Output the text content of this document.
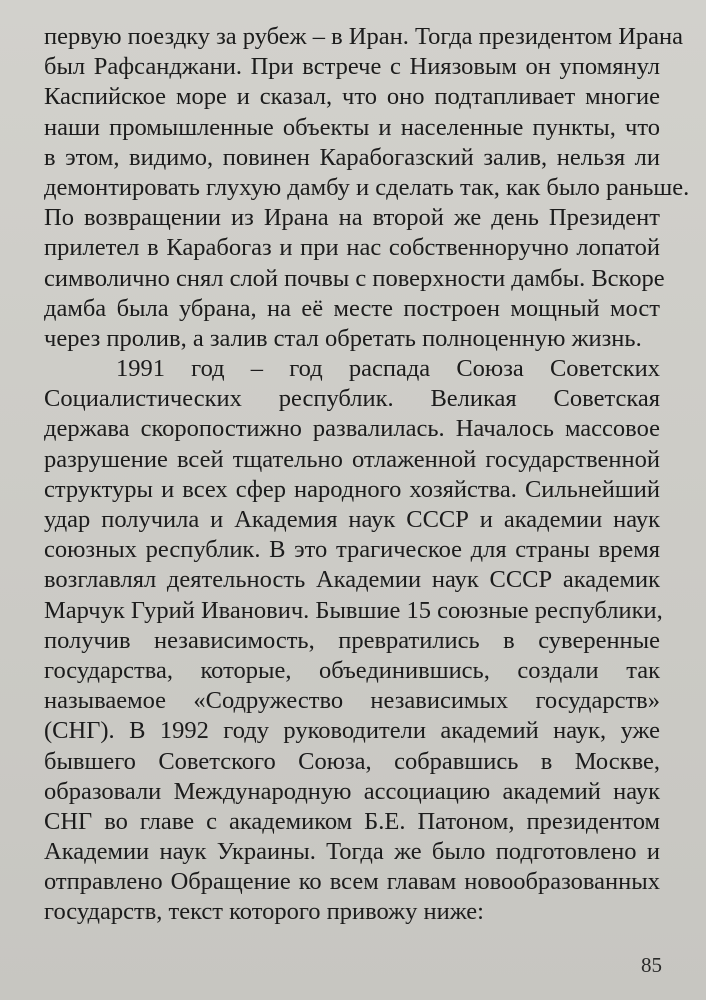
первую поездку за рубеж – в Иран. Тогда президентом Ирана
был Рафсанджани. При встрече с Ниязовым он упомянул
Каспийское море и сказал, что оно подтапливает многие
наши промышленные объекты и населенные пункты, что
в этом, видимо, повинен Карабогазский залив, нельзя ли
демонтировать глухую дамбу и сделать так, как было раньше.
По возвращении из Ирана на второй же день Президент
прилетел в Карабогаз и при нас собственноручно лопатой
символично снял слой почвы с поверхности дамбы. Вскоре
дамба была убрана, на её месте построен мощный мост
через пролив, а залив стал обретать полноценную жизнь.
1991 год – год распада Союза Советских
Социалистических республик. Великая Советская
держава скоропостижно развалилась. Началось массовое
разрушение всей тщательно отлаженной государственной
структуры и всех сфер народного хозяйства. Сильнейший
удар получила и Академия наук СССР и академии наук
союзных республик. В это трагическое для страны время
возглавлял деятельность Академии наук СССР академик
Марчук Гурий Иванович. Бывшие 15 союзные республики,
получив независимость, превратились в суверенные
государства, которые, объединившись, создали так
называемое «Содружество независимых государств»
(СНГ). В 1992 году руководители академий наук, уже
бывшего Советского Союза, собравшись в Москве,
образовали Международную ассоциацию академий наук
СНГ во главе с академиком Б.Е. Патоном, президентом
Академии наук Украины. Тогда же было подготовлено и
отправлено Обращение ко всем главам новообразованных
государств, текст которого привожу ниже:
85
